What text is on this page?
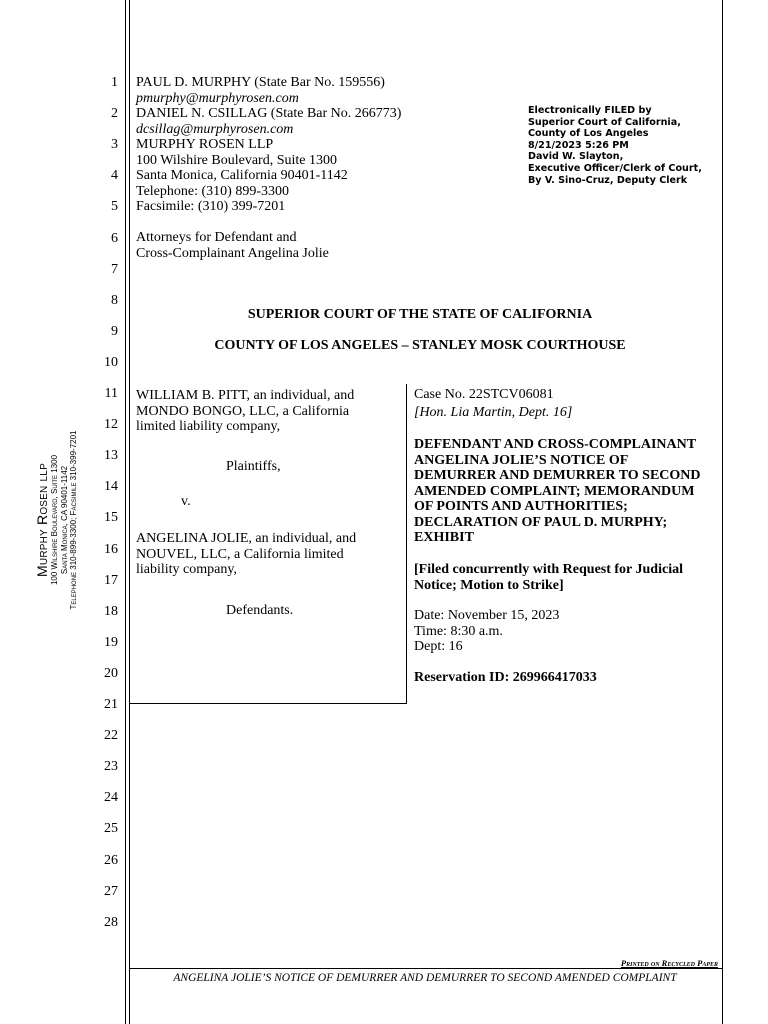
1
2
3
4
5
6
7
8
9
10
11
12
13
14
15
16
17
18
19
20
21
22
23
24
25
26
27
28
Murphy Rosen llp 100 Wilshire Boulevard, Suite 1300 Santa Monica, CA 90401-1142 Telephone 310-899-3300; Facsimile 310-399-7201
PAUL D. MURPHY (State Bar No. 159556)
pmurphy@murphyrosen.com
DANIEL N. CSILLAG (State Bar No. 266773)
dcsillag@murphyrosen.com
MURPHY ROSEN LLP
100 Wilshire Boulevard, Suite 1300
Santa Monica, California 90401-1142
Telephone: (310) 899-3300
Facsimile: (310) 399-7201
Attorneys for Defendant and
Cross-Complainant Angelina Jolie
Electronically FILED by
Superior Court of California,
County of Los Angeles
8/21/2023 5:26 PM
David W. Slayton,
Executive Officer/Clerk of Court,
By V. Sino-Cruz, Deputy Clerk
SUPERIOR COURT OF THE STATE OF CALIFORNIA
COUNTY OF LOS ANGELES – STANLEY MOSK COURTHOUSE
WILLIAM B. PITT, an individual, and
MONDO BONGO, LLC, a California
limited liability company,
Plaintiffs,
v.
ANGELINA JOLIE, an individual, and
NOUVEL, LLC, a California limited
liability company,
Defendants.
Case No. 22STCV06081
[Hon. Lia Martin, Dept. 16]
DEFENDANT AND CROSS-COMPLAINANT
ANGELINA JOLIE’S NOTICE OF
DEMURRER AND DEMURRER TO SECOND
AMENDED COMPLAINT; MEMORANDUM
OF POINTS AND AUTHORITIES;
DECLARATION OF PAUL D. MURPHY;
EXHIBIT
[Filed concurrently with Request for Judicial
Notice; Motion to Strike]
Date: November 15, 2023
Time: 8:30 a.m.
Dept: 16
Reservation ID: 269966417033
Printed on Recycled Paper
ANGELINA JOLIE’S NOTICE OF DEMURRER AND DEMURRER TO SECOND AMENDED COMPLAINT
